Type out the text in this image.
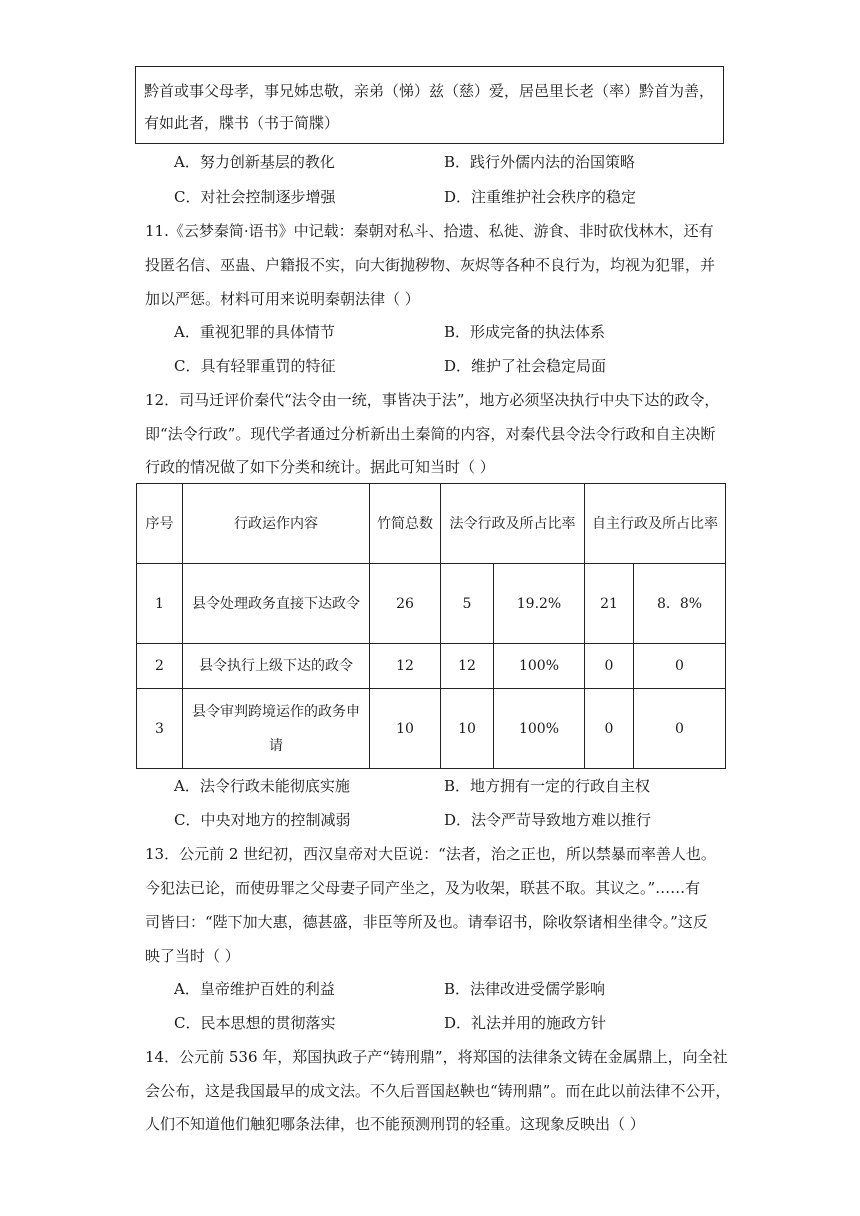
黔首或事父母孝，事兄姊忠敬，亲弟（悌）兹（慈）爱，居邑里长老（率）黔首为善，
有如此者，牒书（书于简牒）
A．努力创新基层的教化	B．践行外儒内法的治国策略
C．对社会控制逐步增强	D．注重维护社会秩序的稳定
11.《云梦秦简·语书》中记载：秦朝对私斗、拾遗、私徙、游食、非时砍伐林木，还有
投匿名信、巫蛊、户籍报不实，向大街抛秽物、灰烬等各种不良行为，均视为犯罪，并
加以严惩。材料可用来说明秦朝法律（ ）
A．重视犯罪的具体情节	B．形成完备的执法体系
C．具有轻罪重罚的特征	D．维护了社会稳定局面
12．司马迁评价秦代“法令由一统，事皆决于法”，地方必须坚决执行中央下达的政令，
即“法令行政”。现代学者通过分析新出土秦简的内容，对秦代县令法令行政和自主决断
行政的情况做了如下分类和统计。据此可知当时（ ）
序号	行政运作内容	竹简总数	法令行政及所占比率		自主行政及所占比率	
1	县令处理政务直接下达政令	26	5	19.2%	21	8．8%
2	县令执行上级下达的政令	12	12	100%	0	0
3	县令审判跨境运作的政务申请	10	10	100%	0	0
A．法令行政未能彻底实施	B．地方拥有一定的行政自主权
C．中央对地方的控制减弱	D．法令严苛导致地方难以推行
13．公元前 2 世纪初，西汉皇帝对大臣说：“法者，治之正也，所以禁暴而率善人也。
今犯法已论，而使毋罪之父母妻子同产坐之，及为收架，联甚不取。其议之。”……有
司皆曰：“陛下加大惠，德甚盛，非臣等所及也。请奉诏书，除收祭诸相坐律令。”这反
映了当时（ ）
A．皇帝维护百姓的利益	B．法律改进受儒学影响
C．民本思想的贯彻落实	D．礼法并用的施政方针
14．公元前 536 年，郑国执政子产“铸刑鼎”，将郑国的法律条文铸在金属鼎上，向全社
会公布，这是我国最早的成文法。不久后晋国赵鞅也“铸刑鼎”。而在此以前法律不公开，
人们不知道他们触犯哪条法律，也不能预测刑罚的轻重。这现象反映出（ ）
